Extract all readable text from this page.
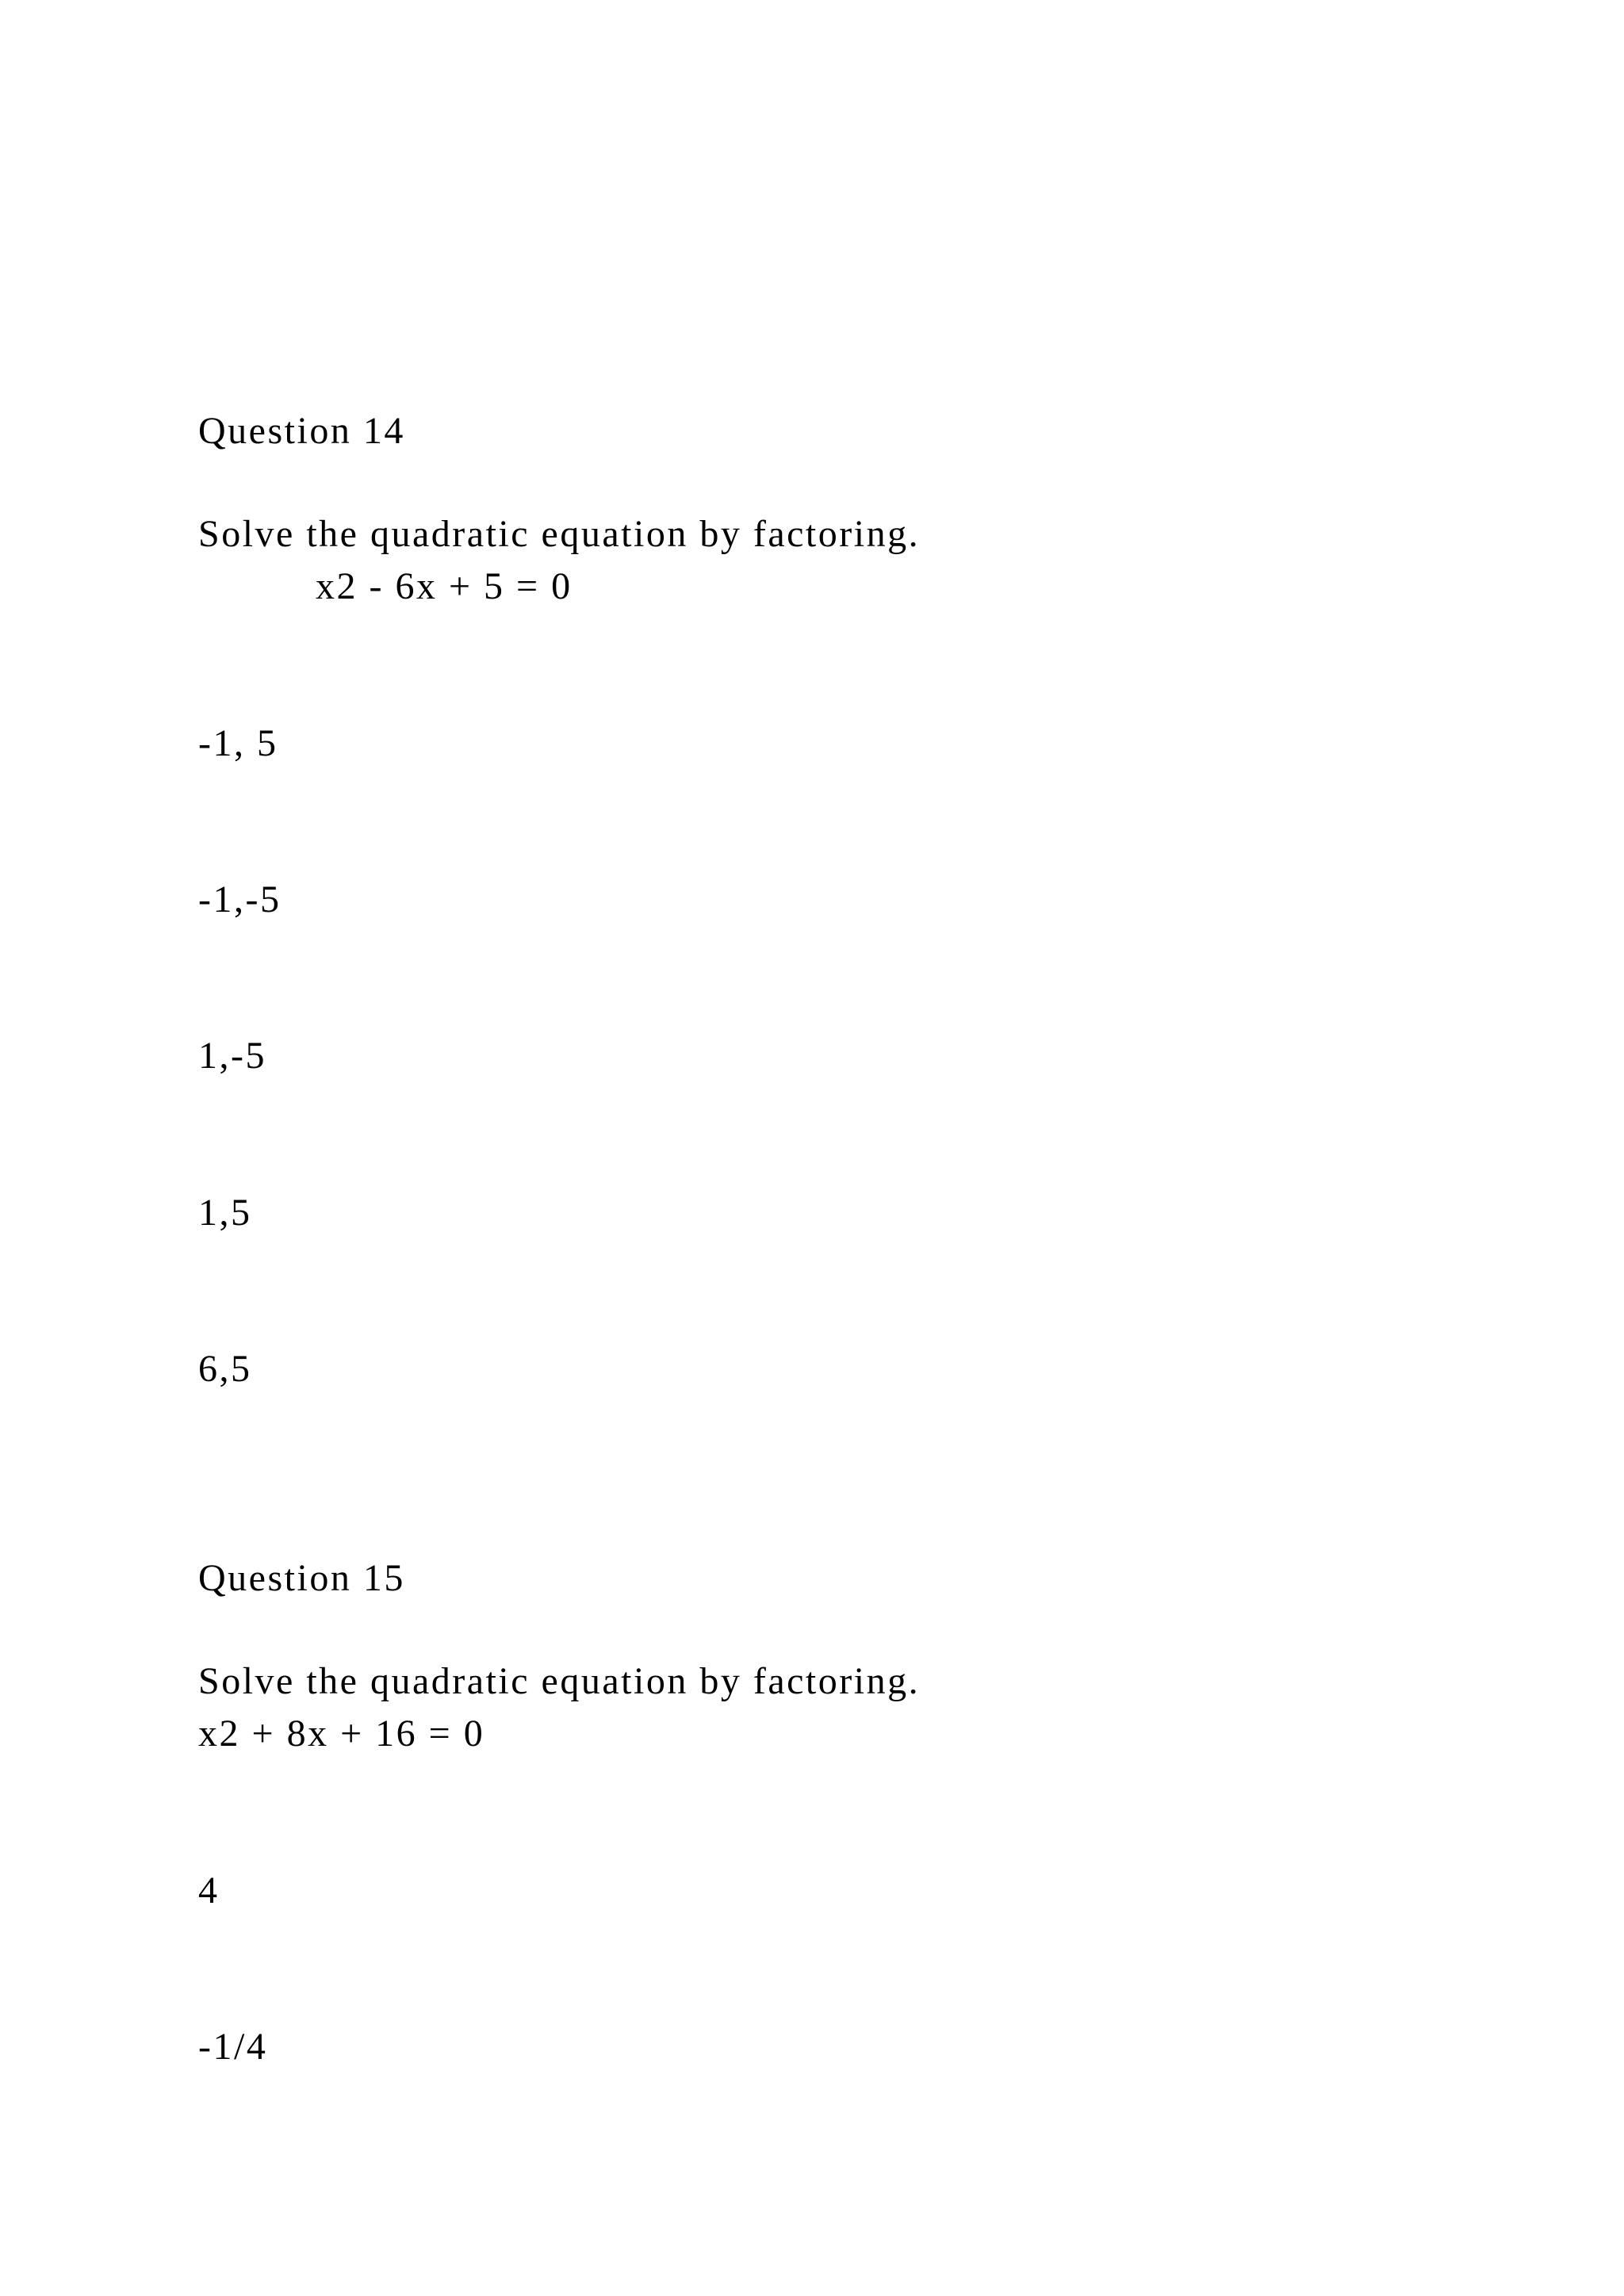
Question 14

Solve the quadratic equation by factoring.

x2 - 6x + 5 = 0

-1, 5

-1,-5

1,-5

1,5

6,5

Question 15

Solve the quadratic equation by factoring.

x2 + 8x + 16 = 0

4

-1/4
